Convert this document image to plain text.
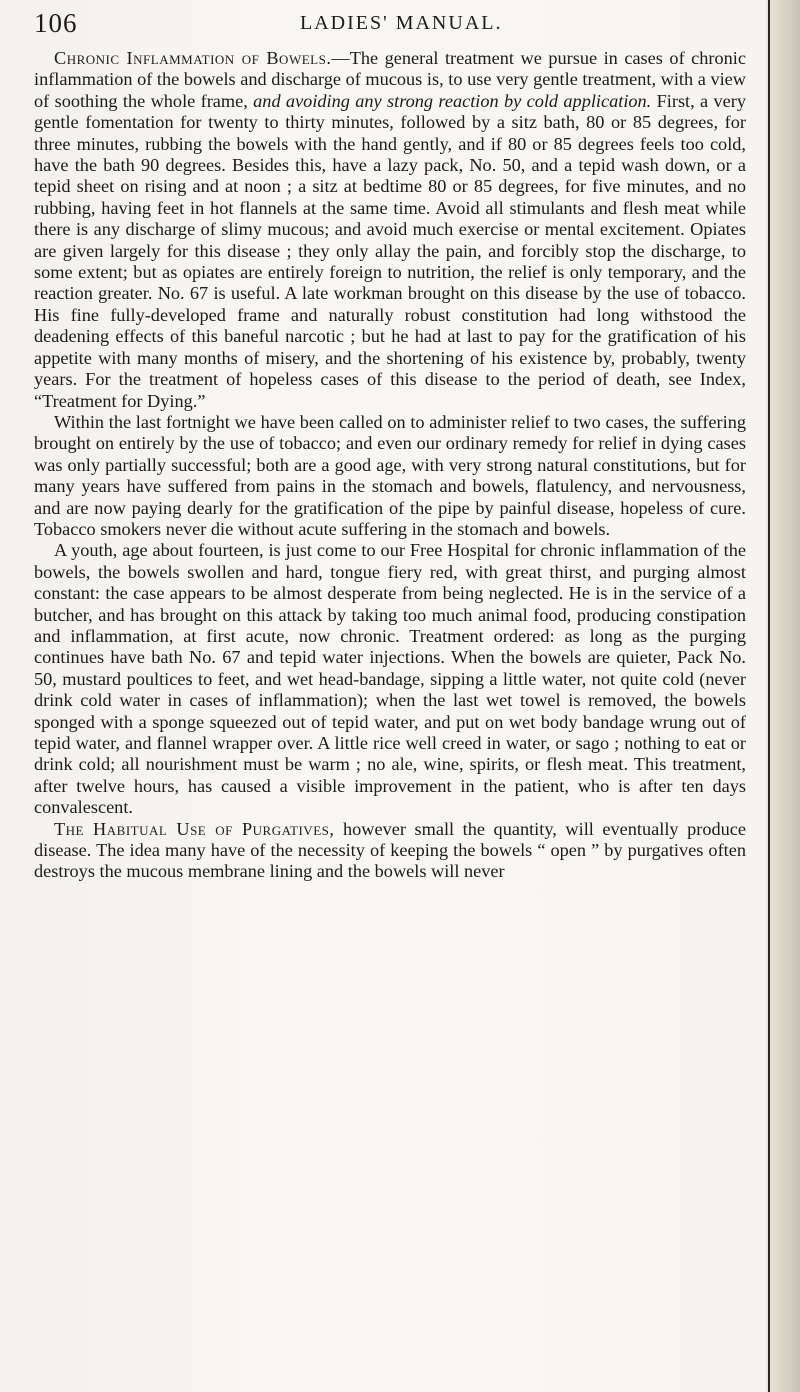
106	LADIES' MANUAL.

Chronic Inflammation of Bowels.—The general treatment we pursue in cases of chronic inflammation of the bowels and discharge of mucous is, to use very gentle treatment, with a view of soothing the whole frame, and avoiding any strong reaction by cold application. First, a very gentle fomentation for twenty to thirty minutes, followed by a sitz bath, 80 or 85 degrees, for three minutes, rubbing the bowels with the hand gently, and if 80 or 85 degrees feels too cold, have the bath 90 degrees. Besides this, have a lazy pack, No. 50, and a tepid wash down, or a tepid sheet on rising and at noon ; a sitz at bedtime 80 or 85 degrees, for five minutes, and no rubbing, having feet in hot flannels at the same time. Avoid all stimulants and flesh meat while there is any discharge of slimy mucous; and avoid much exercise or mental excitement. Opiates are given largely for this disease ; they only allay the pain, and forcibly stop the discharge, to some extent; but as opiates are entirely foreign to nutrition, the relief is only temporary, and the reaction greater. No. 67 is useful. A late workman brought on this disease by the use of tobacco. His fine fully-developed frame and naturally robust constitution had long withstood the deadening effects of this baneful narcotic ; but he had at last to pay for the gratification of his appetite with many months of misery, and the shortening of his existence by, probably, twenty years. For the treatment of hopeless cases of this disease to the period of death, see Index, “Treatment for Dying.”

Within the last fortnight we have been called on to administer relief to two cases, the suffering brought on entirely by the use of tobacco; and even our ordinary remedy for relief in dying cases was only partially successful; both are a good age, with very strong natural constitutions, but for many years have suffered from pains in the stomach and bowels, flatulency, and nervousness, and are now paying dearly for the gratification of the pipe by painful disease, hopeless of cure. Tobacco smokers never die without acute suffering in the stomach and bowels.

A youth, age about fourteen, is just come to our Free Hospital for chronic inflammation of the bowels, the bowels swollen and hard, tongue fiery red, with great thirst, and purging almost constant: the case appears to be almost desperate from being neglected. He is in the service of a butcher, and has brought on this attack by taking too much animal food, producing constipation and inflammation, at first acute, now chronic. Treatment ordered: as long as the purging continues have bath No. 67 and tepid water injections. When the bowels are quieter, Pack No. 50, mustard poultices to feet, and wet head-bandage, sipping a little water, not quite cold (never drink cold water in cases of inflammation); when the last wet towel is removed, the bowels sponged with a sponge squeezed out of tepid water, and put on wet body bandage wrung out of tepid water, and flannel wrapper over. A little rice well creed in water, or sago ; nothing to eat or drink cold; all nourishment must be warm ; no ale, wine, spirits, or flesh meat. This treatment, after twelve hours, has caused a visible improvement in the patient, who is after ten days convalescent.

The Habitual Use of Purgatives, however small the quantity, will eventually produce disease. The idea many have of the necessity of keeping the bowels “ open ” by purgatives often destroys the mucous membrane lining and the bowels will never
